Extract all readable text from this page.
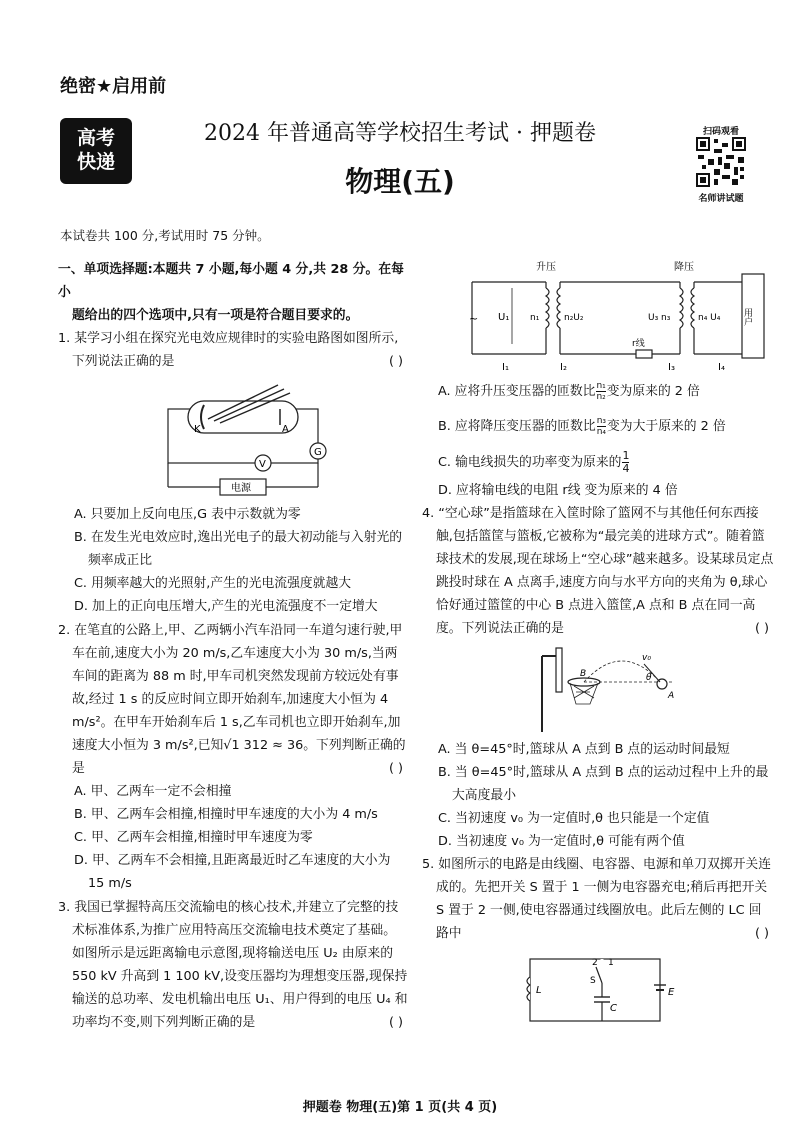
绝密★启用前
高考
快递
2024 年普通高等学校招生考试 · 押题卷
物理(五)
扫码观看
名师讲试题
本试卷共 100 分,考试用时 75 分钟。

一、单项选择题:本题共 7 小题,每小题 4 分,共 28 分。在每小

题给出的四个选项中,只有一项是符合题目要求的。

1. 某学习小组在探究光电效应规律时的实验电路图如图所示,下列说法正确的是	( )

K	A
V
G
电源

A. 只要加上反向电压,G 表中示数就为零

B. 在发生光电效应时,逸出光电子的最大初动能与入射光的频率成正比

C. 用频率越大的光照射,产生的光电流强度就越大

D. 加上的正向电压增大,产生的光电流强度不一定增大

2. 在笔直的公路上,甲、乙两辆小汽车沿同一车道匀速行驶,甲车在前,速度大小为 20 m/s,乙车速度大小为 30 m/s,当两车间的距离为 88 m 时,甲车司机突然发现前方较远处有事故,经过 1 s 的反应时间立即开始刹车,加速度大小恒为 4 m/s²。在甲车开始刹车后 1 s,乙车司机也立即开始刹车,加速度大小恒为 3 m/s²,已知√1 312 ≈ 36。下列判断正确的是	( )

A. 甲、乙两车一定不会相撞

B. 甲、乙两车会相撞,相撞时甲车速度的大小为 4 m/s

C. 甲、乙两车会相撞,相撞时甲车速度为零

D. 甲、乙两车不会相撞,且距离最近时乙车速度的大小为 15 m/s

3. 我国已掌握特高压交流输电的核心技术,并建立了完整的技术标准体系,为推广应用特高压交流输电技术奠定了基础。如图所示是远距离输电示意图,现将输送电压 U₂ 由原来的 550 kV 升高到 1 100 kV,设变压器均为理想变压器,现保持输送的总功率、发电机输出电压 U₁、用户得到的电压 U₄ 和功率均不变,则下列判断正确的是	( )

升压	降压
用户
~
r线
U₁ n₁	n₂U₂	U₃ n₃	n₄ U₄
I₁	I₂	I₃	I₄

A. 应将升压变压器的匝数比 $\frac{\text{n₁}}{\text{n₂}}$ 变为原来的 2 倍

B. 应将降压变压器的匝数比 $\frac{\text{n₃}}{\text{n₄}}$ 变为大于原来的 2 倍

C. 输电线损失的功率变为原来的 $\frac{1}{4}$

D. 应将输电线的电阻 r线 变为原来的 4 倍

4. “空心球”是指篮球在入筐时除了篮网不与其他任何东西接触,包括篮筐与篮板,它被称为“最完美的进球方式”。随着篮球技术的发展,现在球场上“空心球”越来越多。设某球员定点跳投时球在 A 点离手,速度方向与水平方向的夹角为 θ,球心恰好通过篮筐的中心 B 点进入篮筐,A 点和 B 点在同一高度。下列说法正确的是	( )

B
A
θ
v₀

A. 当 θ=45°时,篮球从 A 点到 B 点的运动时间最短

B. 当 θ=45°时,篮球从 A 点到 B 点的运动过程中上升的最大高度最小

C. 当初速度 v₀ 为一定值时,θ 也只能是一个定值

D. 当初速度 v₀ 为一定值时,θ 可能有两个值

5. 如图所示的电路是由线圈、电容器、电源和单刀双掷开关连成的。先把开关 S 置于 1 一侧为电容器充电;稍后再把开关 S 置于 2 一侧,使电容器通过线圈放电。此后左侧的 LC 回路中	( )

L
2 1
S
C
E
押题卷 物理(五)第 1 页(共 4 页)
